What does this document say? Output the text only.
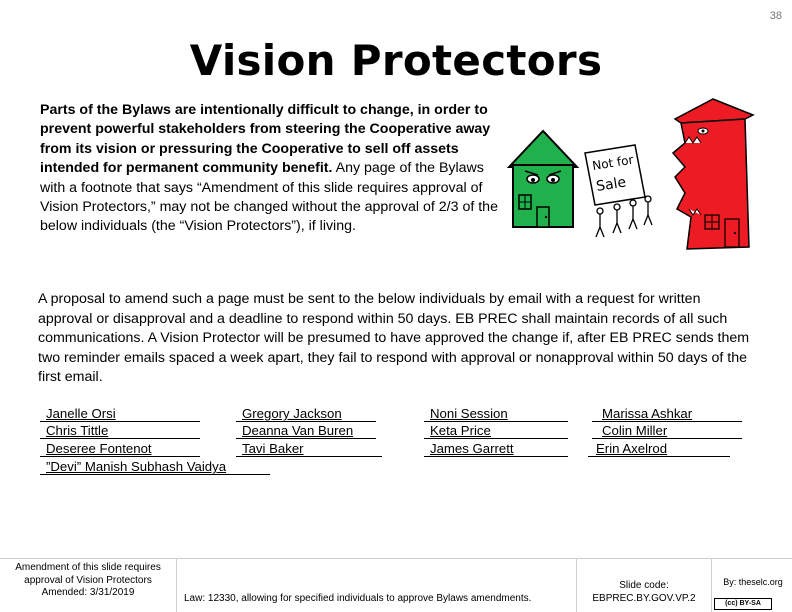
38
Vision Protectors
Parts of the Bylaws are intentionally difficult to change, in order to prevent powerful stakeholders from steering the Cooperative away from its vision or pressuring the Cooperative to sell off assets intended for permanent community benefit. Any page of the Bylaws with a footnote that says “Amendment of this slide requires approval of Vision Protectors,” may not be changed without the approval of 2/3 of the below individuals (the “Vision Protectors”), if living.
Not for
Sale
A proposal to amend such a page must be sent to the below individuals by email with a request for written approval or disapproval and a deadline to respond within 50 days. EB PREC shall maintain records of all such communications. A Vision Protector will be presumed to have approved the change if, after EB PREC sends them two reminder emails spaced a week apart, they fail to respond with approval or nonapproval within 50 days of the first email.
Janelle Orsi	Gregory Jackson	Noni Session	Marissa Ashkar
Chris Tittle	Deanna Van Buren	Keta Price	Colin Miller
Deseree Fontenot	Tavi Baker	James Garrett	Erin Axelrod
”Devi” Manish Subhash Vaidya
Amendment of this slide requires
approval of Vision Protectors
Amended: 3/31/2019
Law: 12330, allowing for specified individuals to approve Bylaws amendments.
Slide code:
EBPREC.BY.GOV.VP.2
By: theselc.org
(cc) BY-SA
